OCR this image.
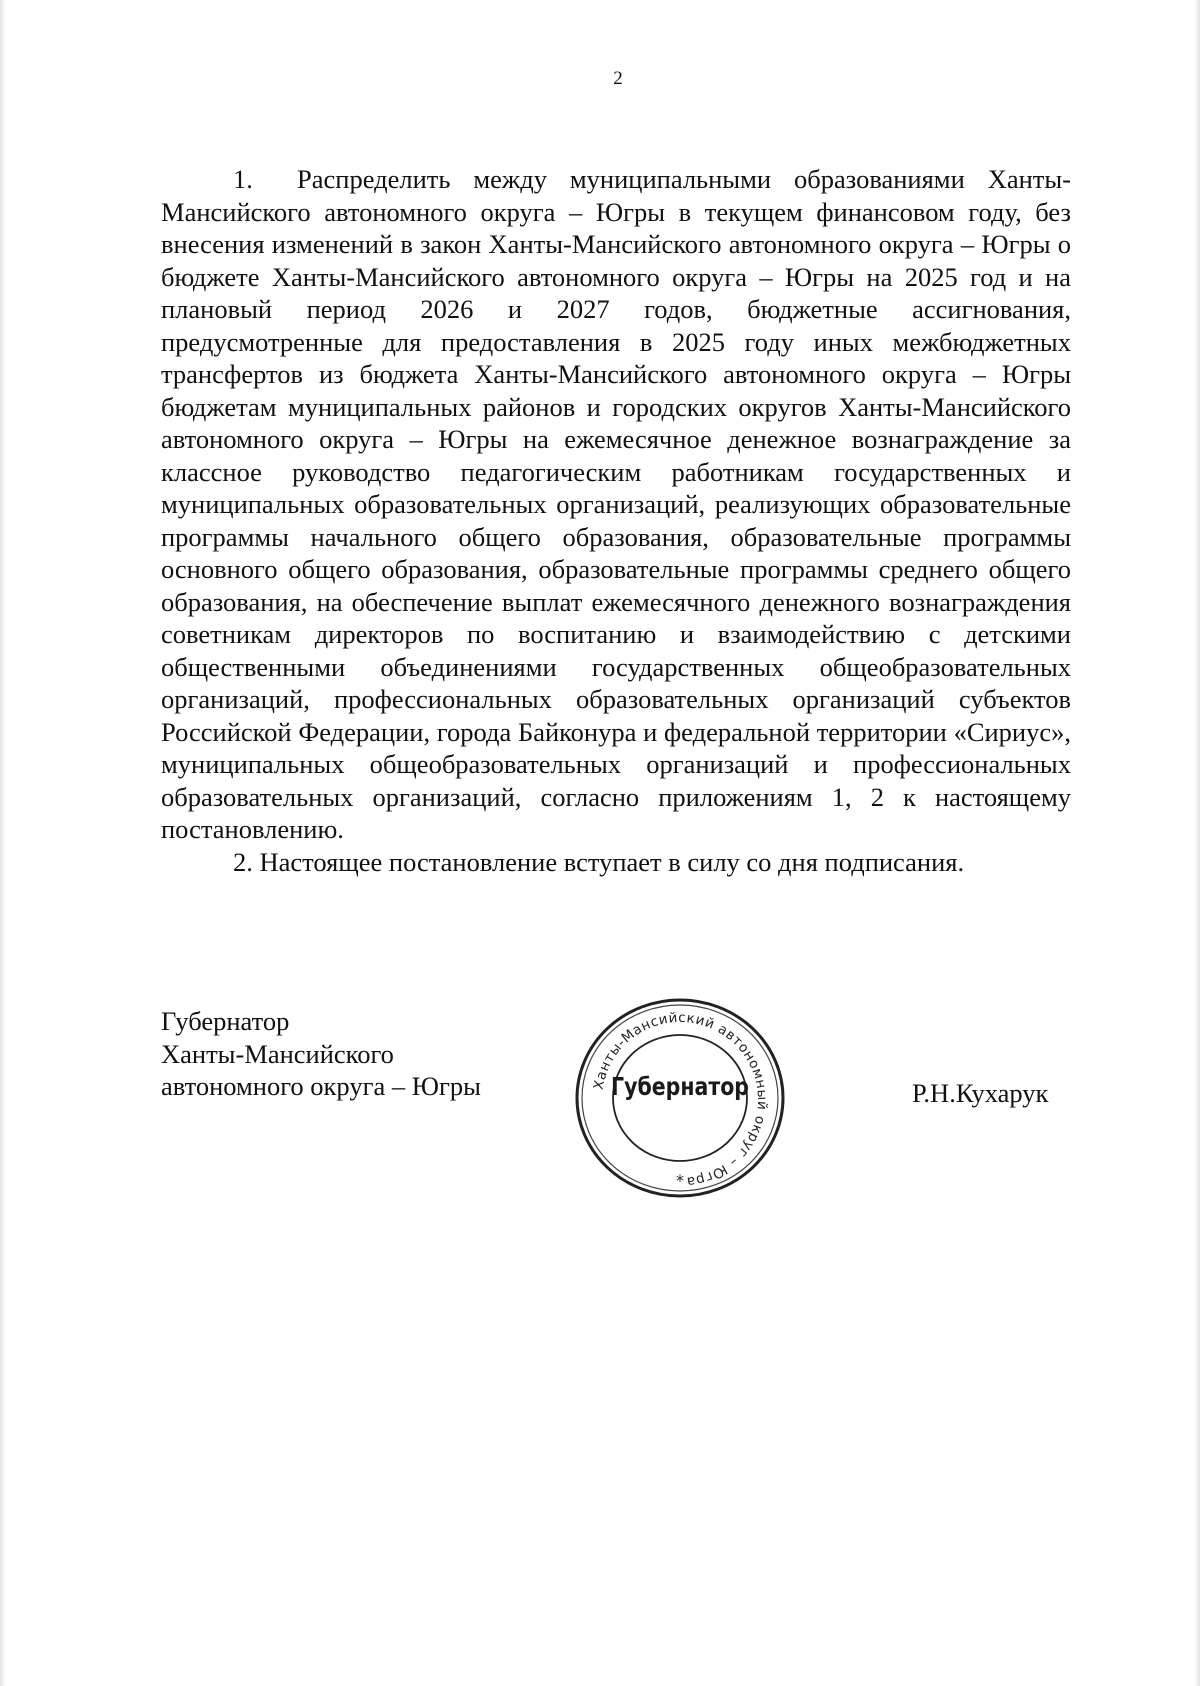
2

1. Распределить между муниципальными образованиями Ханты-Мансийского автономного округа – Югры в текущем финансовом году, без внесения изменений в закон Ханты-Мансийского автономного округа – Югры о бюджете Ханты-Мансийского автономного округа – Югры на 2025 год и на плановый период 2026 и 2027 годов, бюджетные ассигнования, предусмотренные для предоставления в 2025 году иных межбюджетных трансфертов из бюджета Ханты-Мансийского автономного округа – Югры бюджетам муниципальных районов и городских округов Ханты-Мансийского автономного округа – Югры на ежемесячное денежное вознаграждение за классное руководство педагогическим работникам государственных и муниципальных образовательных организаций, реализующих образовательные программы начального общего образования, образовательные программы основного общего образования, образовательные программы среднего общего образования, на обеспечение выплат ежемесячного денежного вознаграждения советникам директоров по воспитанию и взаимодействию с детскими общественными объединениями государственных общеобразовательных организаций, профессиональных образовательных организаций субъектов Российской Федерации, города Байконура и федеральной территории «Сириус», муниципальных общеобразовательных организаций и профессиональных образовательных организаций, согласно приложениям 1, 2 к настоящему постановлению.

2. Настоящее постановление вступает в силу со дня подписания.

Губернатор
Ханты-Мансийского
автономного округа – Югры	Ханты-Мансийский автономный округ – Югра
*
Губернатор	Р.Н.Кухарук
